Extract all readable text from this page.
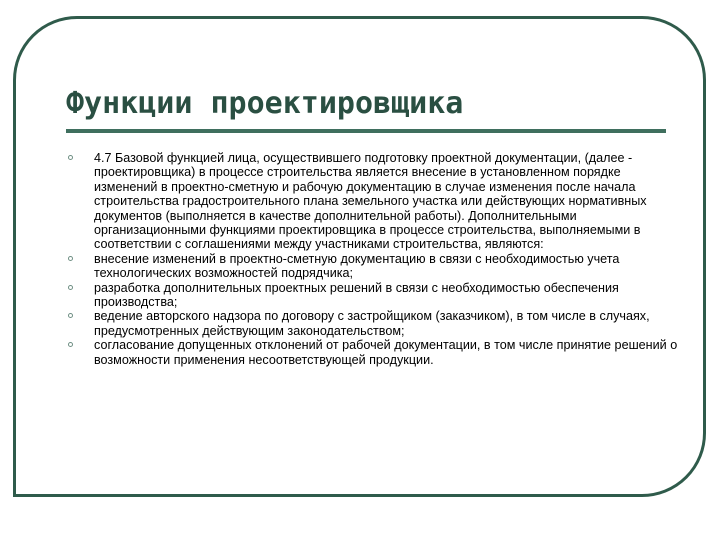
Функции проектировщика
4.7 Базовой функцией лица, осуществившего подготовку проектной документации, (далее - проектировщика) в процессе строительства является внесение в установленном порядке изменений в проектно-сметную и рабочую документацию в случае изменения после начала строительства градостроительного плана земельного участка или действующих нормативных документов (выполняется в качестве дополнительной работы). Дополнительными организационными функциями проектировщика в процессе строительства, выполняемыми в соответствии с соглашениями между участниками строительства, являются:
внесение изменений в проектно-сметную документацию в связи с необходимостью учета технологических возможностей подрядчика;
разработка дополнительных проектных решений в связи с необходимостью обеспечения производства;
ведение авторского надзора по договору с застройщиком (заказчиком), в том числе в случаях, предусмотренных действующим законодательством;
согласование допущенных отклонений от рабочей документации, в том числе принятие решений о возможности применения несоответствующей продукции.
